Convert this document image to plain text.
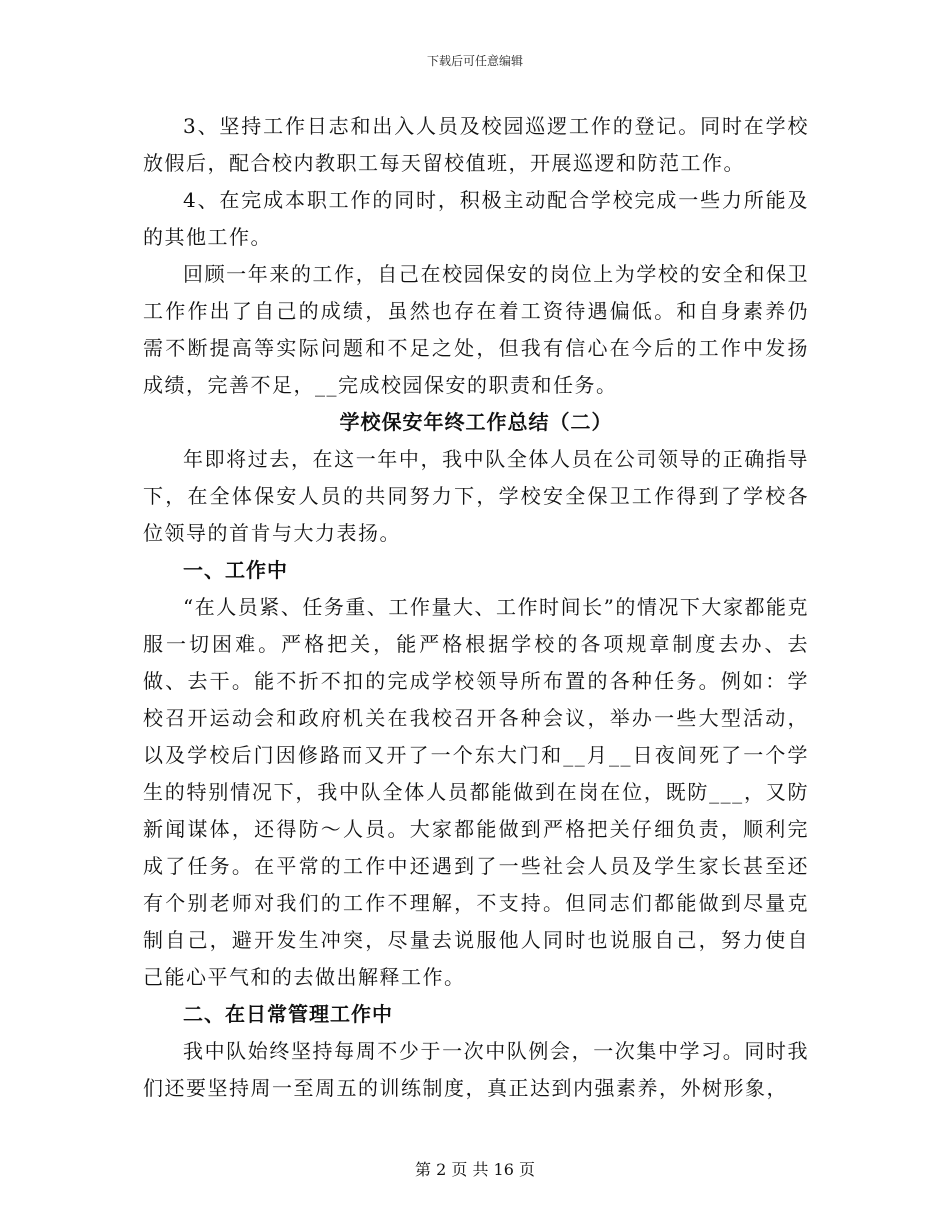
下载后可任意编辑

3、坚持工作日志和出入人员及校园巡逻工作的登记。同时在学校放假后，配合校内教职工每天留校值班，开展巡逻和防范工作。

4、在完成本职工作的同时，积极主动配合学校完成一些力所能及的其他工作。

回顾一年来的工作，自己在校园保安的岗位上为学校的安全和保卫工作作出了自己的成绩，虽然也存在着工资待遇偏低。和自身素养仍需不断提高等实际问题和不足之处，但我有信心在今后的工作中发扬成绩，完善不足，__完成校园保安的职责和任务。

学校保安年终工作总结（二）

年即将过去，在这一年中，我中队全体人员在公司领导的正确指导下，在全体保安人员的共同努力下，学校安全保卫工作得到了学校各位领导的首肯与大力表扬。

一、工作中

“在人员紧、任务重、工作量大、工作时间长”的情况下大家都能克服一切困难。严格把关，能严格根据学校的各项规章制度去办、去做、去干。能不折不扣的完成学校领导所布置的各种任务。例如：学校召开运动会和政府机关在我校召开各种会议，举办一些大型活动，以及学校后门因修路而又开了一个东大门和__月__日夜间死了一个学生的特别情况下，我中队全体人员都能做到在岗在位，既防___，又防新闻谋体，还得防～人员。大家都能做到严格把关仔细负责，顺利完成了任务。在平常的工作中还遇到了一些社会人员及学生家长甚至还有个别老师对我们的工作不理解，不支持。但同志们都能做到尽量克制自己，避开发生冲突，尽量去说服他人同时也说服自己，努力使自己能心平气和的去做出解释工作。

二、在日常管理工作中

我中队始终坚持每周不少于一次中队例会，一次集中学习。同时我们还要坚持周一至周五的训练制度，真正达到内强素养，外树形象，

第 2 页 共 16 页
